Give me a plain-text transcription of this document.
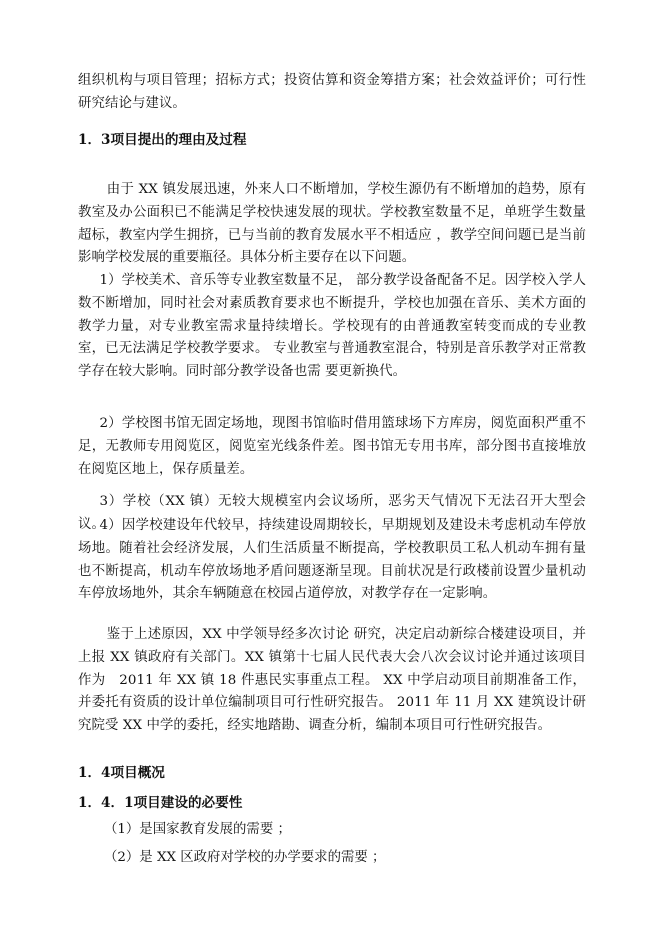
组织机构与项目管理；招标方式；投资估算和资金筹措方案；社会效益评价；可行性研究结论与建议。

1．3项目提出的理由及过程

由于 XX 镇发展迅速，外来人口不断增加，学校生源仍有不断增加的趋势，原有教室及办公面积已不能满足学校快速发展的现状。学校教室数量不足，单班学生数量超标，教室内学生拥挤，已与当前的教育发展水平不相适应 ，教学空间问题已是当前影响学校发展的重要瓶径。具体分析主要存在以下问题。

1）学校美术、音乐等专业教室数量不足， 部分教学设备配备不足。因学校入学人数不断增加，同时社会对素质教育要求也不断提升，学校也加强在音乐、美术方面的教学力量，对专业教室需求量持续增长。学校现有的由普通教室转变而成的专业教室，已无法满足学校教学要求。 专业教室与普通教室混合，特别是音乐教学对正常教学存在较大影响。同时部分教学设备也需 要更新换代。

2）学校图书馆无固定场地，现图书馆临时借用篮球场下方库房，阅览面积严重不足，无教师专用阅览区，阅览室光线条件差。图书馆无专用书库，部分图书直接堆放在阅览区地上，保存质量差。

3）学校（XX 镇）无较大规模室内会议场所，恶劣天气情况下无法召开大型会议。

4）因学校建设年代较早，持续建设周期较长，早期规划及建设未考虑机动车停放场地。随着社会经济发展，人们生活质量不断提高，学校教职员工私人机动车拥有量也不断提高，机动车停放场地矛盾问题逐渐呈现。目前状况是行政楼前设置少量机动车停放场地外，其余车辆随意在校园占道停放，对教学存在一定影响。

鉴于上述原因，XX 中学领导经多次讨论 研究，决定启动新综合楼建设项目，并上报 XX 镇政府有关部门。XX 镇第十七届人民代表大会八次会议讨论并通过该项目作为　2011 年 XX 镇 18 件惠民实事重点工程。 XX 中学启动项目前期准备工作，并委托有资质的设计单位编制项目可行性研究报告。 2011 年 11 月 XX 建筑设计研究院受 XX 中学的委托，经实地踏勘、调查分析，编制本项目可行性研究报告。

1．4项目概况
1．4．1项目建设的必要性

（1）是国家教育发展的需要 ；

（2）是 XX 区政府对学校的办学要求的需要 ；
